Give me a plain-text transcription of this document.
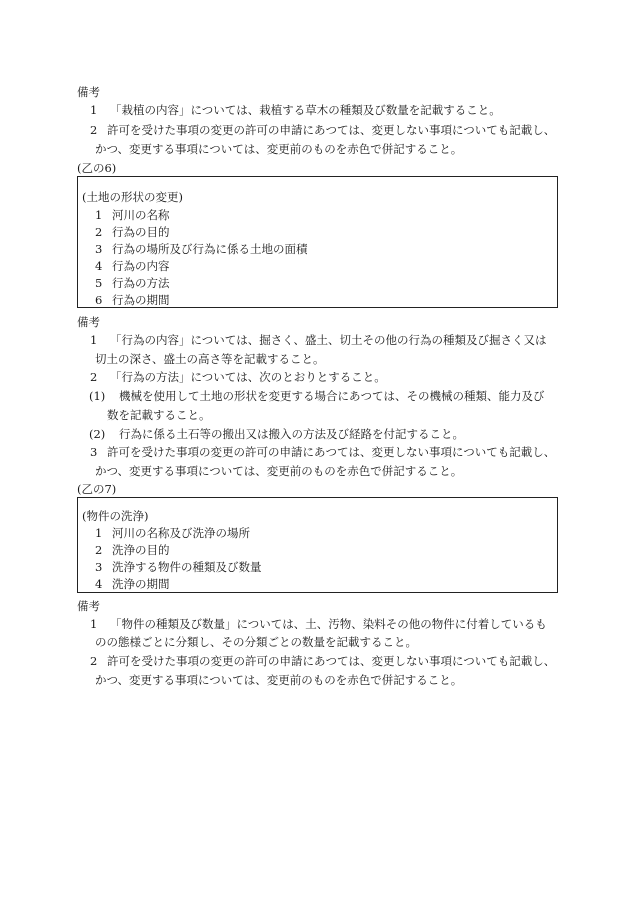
備考
1 「栽植の内容」については、栽植する草木の種類及び数量を記載すること。
2 許可を受けた事項の変更の許可の申請にあつては、変更しない事項についても記載し、
かつ、変更する事項については、変更前のものを赤色で併記すること。
(乙の6)
(土地の形状の変更)
1 河川の名称
2 行為の目的
3 行為の場所及び行為に係る土地の面積
4 行為の内容
5 行為の方法
6 行為の期間
備考
1 「行為の内容」については、掘さく、盛土、切土その他の行為の種類及び掘さく又は
切土の深さ、盛土の高さ等を記載すること。
2 「行為の方法」については、次のとおりとすること。
(1) 機械を使用して土地の形状を変更する場合にあつては、その機械の種類、能力及び
数を記載すること。
(2) 行為に係る土石等の搬出又は搬入の方法及び経路を付記すること。
3 許可を受けた事項の変更の許可の申請にあつては、変更しない事項についても記載し、
かつ、変更する事項については、変更前のものを赤色で併記すること。
(乙の7)
(物件の洗浄)
1 河川の名称及び洗浄の場所
2 洗浄の目的
3 洗浄する物件の種類及び数量
4 洗浄の期間
備考
1 「物件の種類及び数量」については、土、汚物、染料その他の物件に付着しているも
のの態様ごとに分類し、その分類ごとの数量を記載すること。
2 許可を受けた事項の変更の許可の申請にあつては、変更しない事項についても記載し、
かつ、変更する事項については、変更前のものを赤色で併記すること。
